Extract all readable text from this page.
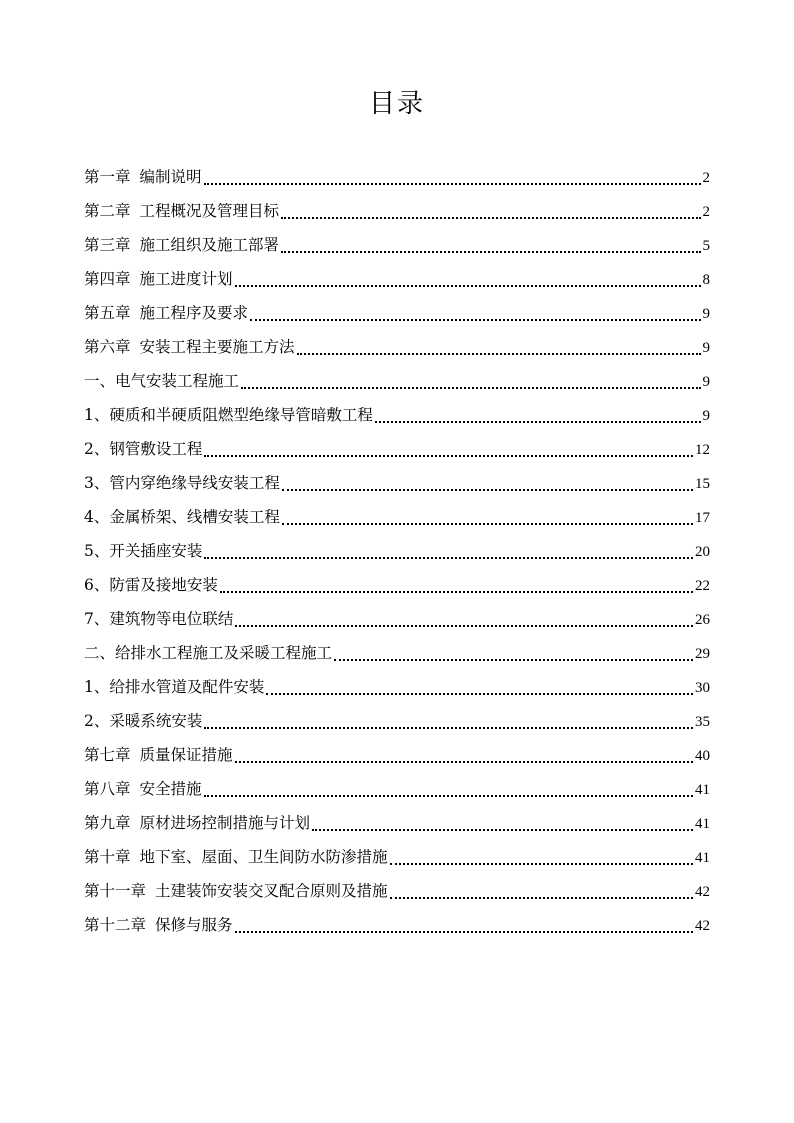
目录
第一章 编制说明	2
第二章 工程概况及管理目标	2
第三章 施工组织及施工部署	5
第四章 施工进度计划	8
第五章 施工程序及要求	9
第六章 安装工程主要施工方法	9
一、电气安装工程施工	9
1、硬质和半硬质阻燃型绝缘导管暗敷工程	9
2、钢管敷设工程	12
3、管内穿绝缘导线安装工程	15
4、金属桥架、线槽安装工程	17
5、开关插座安装	20
6、防雷及接地安装	22
7、建筑物等电位联结	26
二、给排水工程施工及采暖工程施工	29
1、给排水管道及配件安装	30
2、采暖系统安装	35
第七章 质量保证措施	40
第八章 安全措施	41
第九章 原材进场控制措施与计划	41
第十章 地下室、屋面、卫生间防水防渗措施	41
第十一章 土建装饰安装交叉配合原则及措施	42
第十二章 保修与服务	42
